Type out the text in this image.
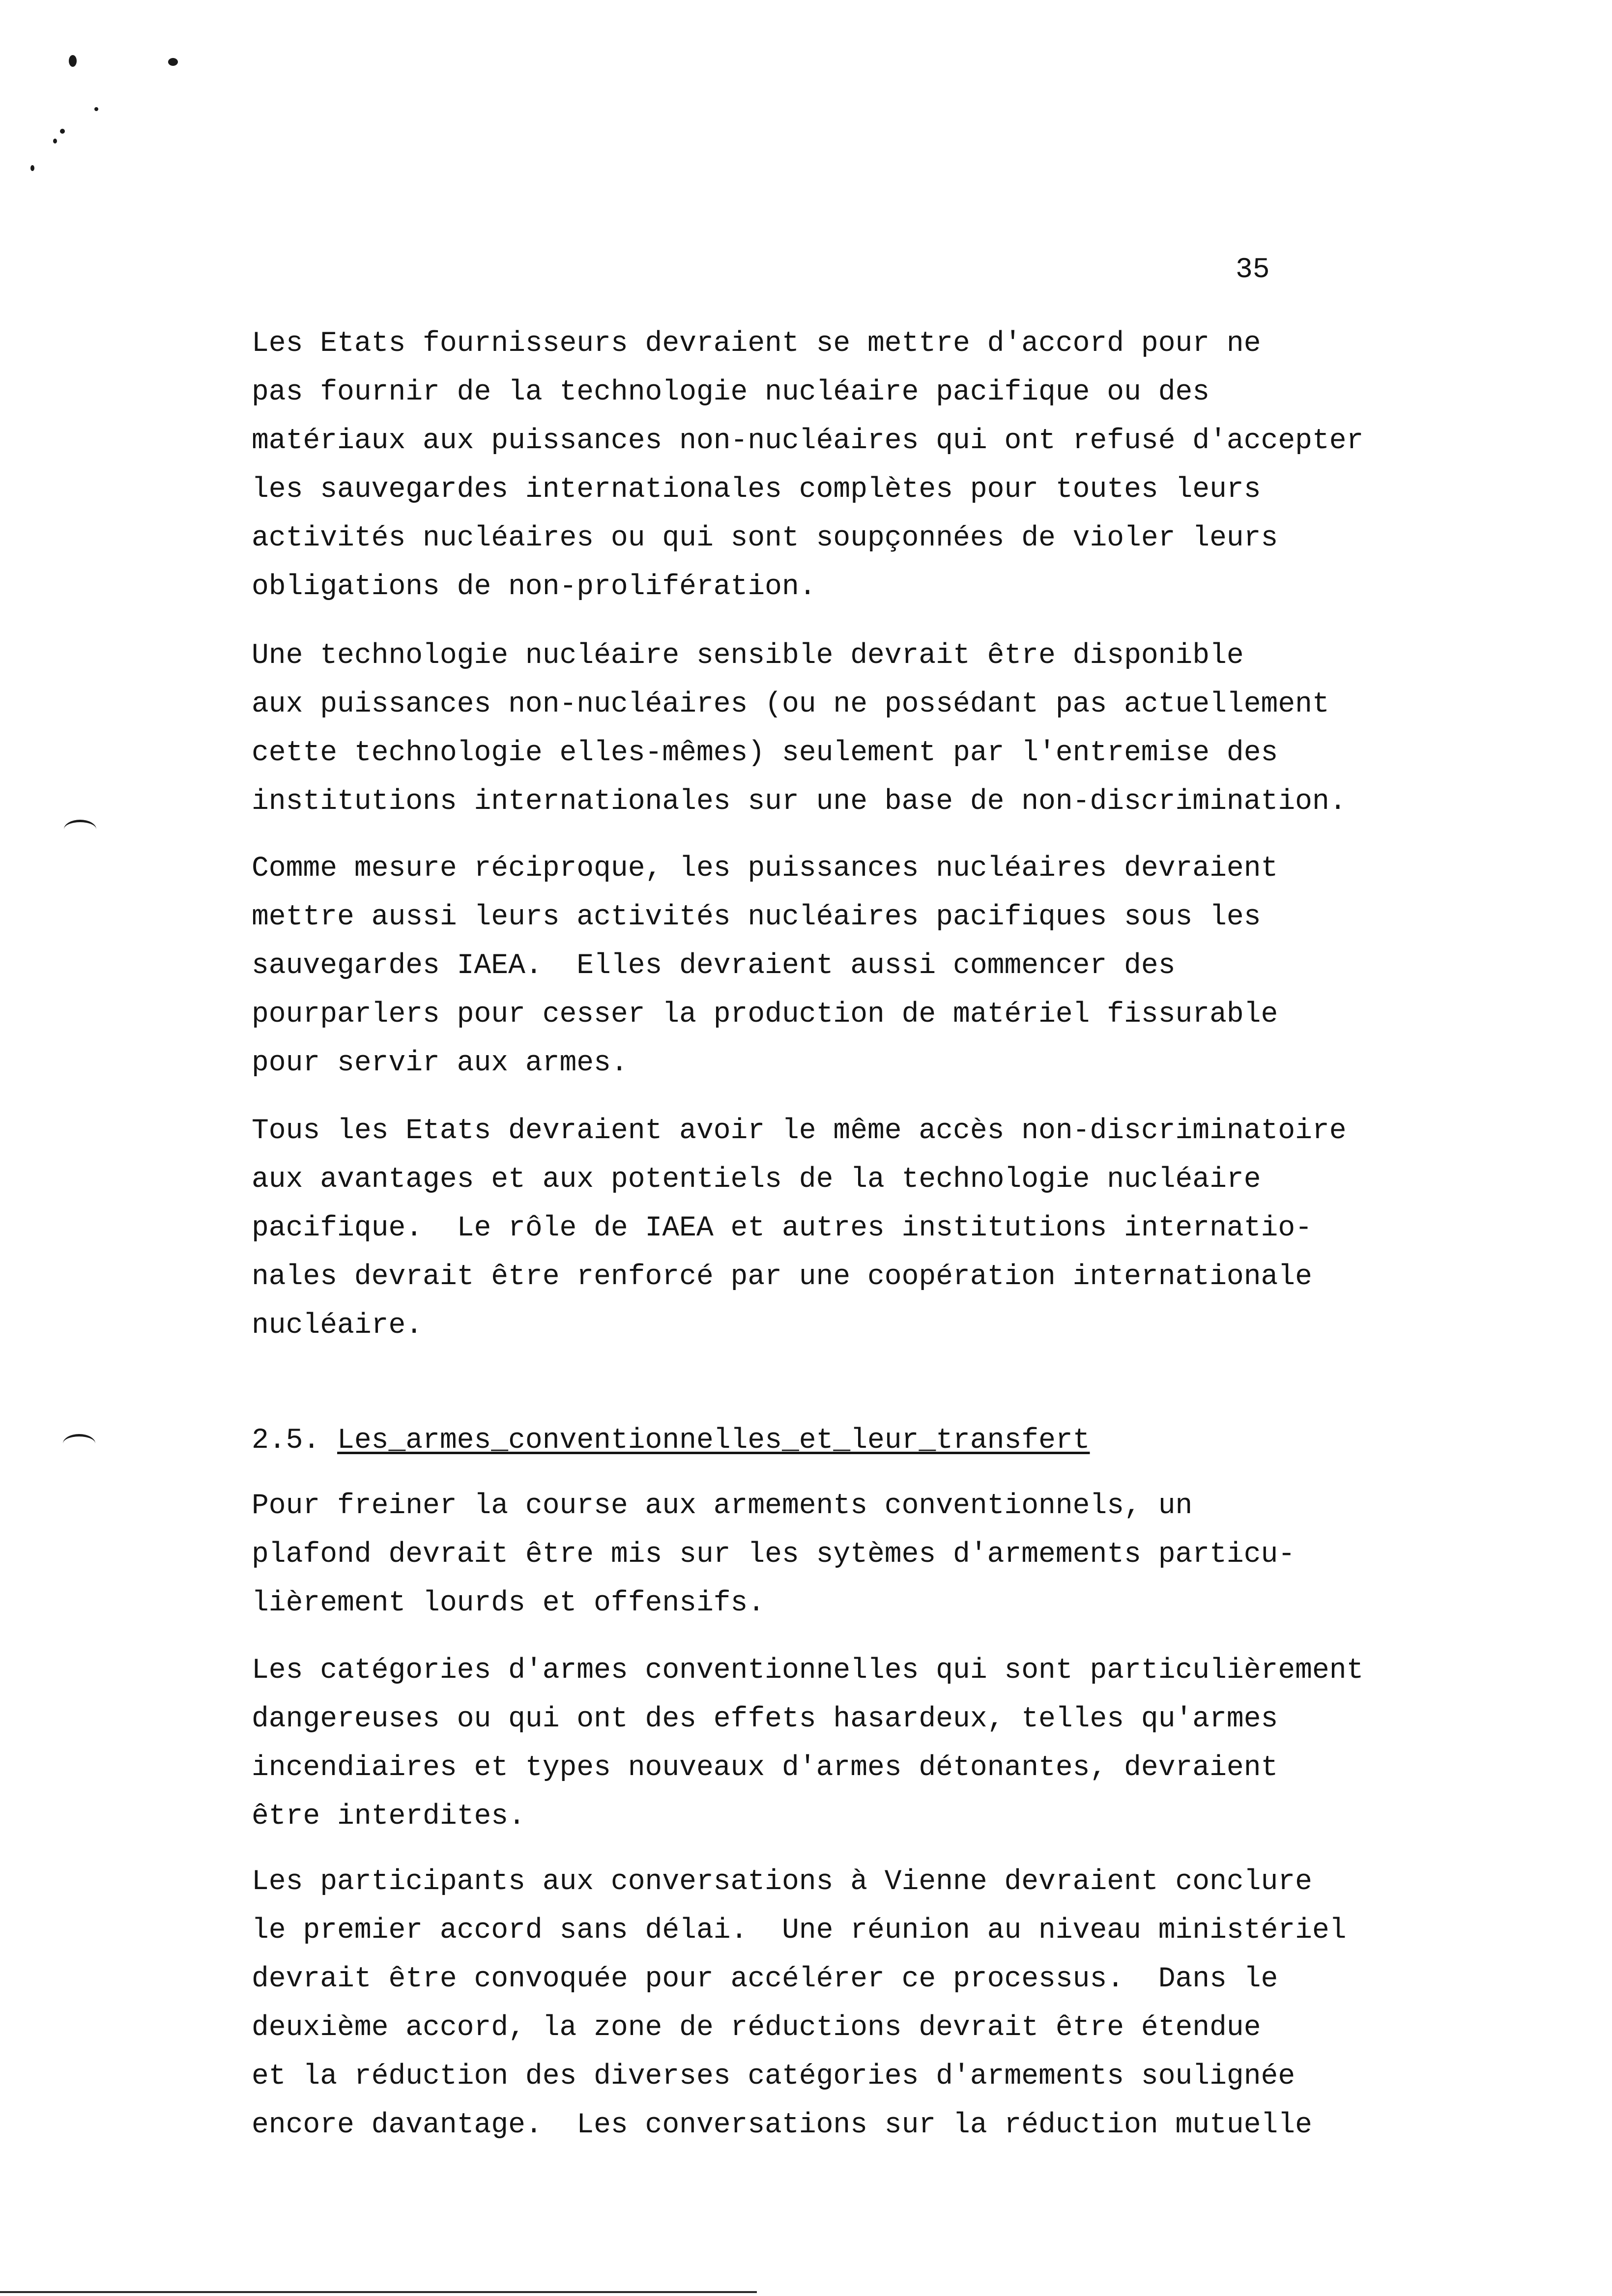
35
Les Etats fournisseurs devraient se mettre d'accord pour ne
pas fournir de la technologie nucléaire pacifique ou des
matériaux aux puissances non-nucléaires qui ont refusé d'accepter
les sauvegardes internationales complètes pour toutes leurs
activités nucléaires ou qui sont soupçonnées de violer leurs
obligations de non-prolifération.
Une technologie nucléaire sensible devrait être disponible
aux puissances non-nucléaires (ou ne possédant pas actuellement
cette technologie elles-mêmes) seulement par l'entremise des
institutions internationales sur une base de non-discrimination.
Comme mesure réciproque, les puissances nucléaires devraient
mettre aussi leurs activités nucléaires pacifiques sous les
sauvegardes IAEA.  Elles devraient aussi commencer des
pourparlers pour cesser la production de matériel fissurable
pour servir aux armes.
Tous les Etats devraient avoir le même accès non-discriminatoire
aux avantages et aux potentiels de la technologie nucléaire
pacifique.  Le rôle de IAEA et autres institutions internatio-
nales devrait être renforcé par une coopération internationale
nucléaire.
2.5. Les_armes_conventionnelles_et_leur_transfert
Pour freiner la course aux armements conventionnels, un
plafond devrait être mis sur les sytèmes d'armements particu-
lièrement lourds et offensifs.
Les catégories d'armes conventionnelles qui sont particulièrement
dangereuses ou qui ont des effets hasardeux, telles qu'armes
incendiaires et types nouveaux d'armes détonantes, devraient
être interdites.
Les participants aux conversations à Vienne devraient conclure
le premier accord sans délai.  Une réunion au niveau ministériel
devrait être convoquée pour accélérer ce processus.  Dans le
deuxième accord, la zone de réductions devrait être étendue
et la réduction des diverses catégories d'armements soulignée
encore davantage.  Les conversations sur la réduction mutuelle
